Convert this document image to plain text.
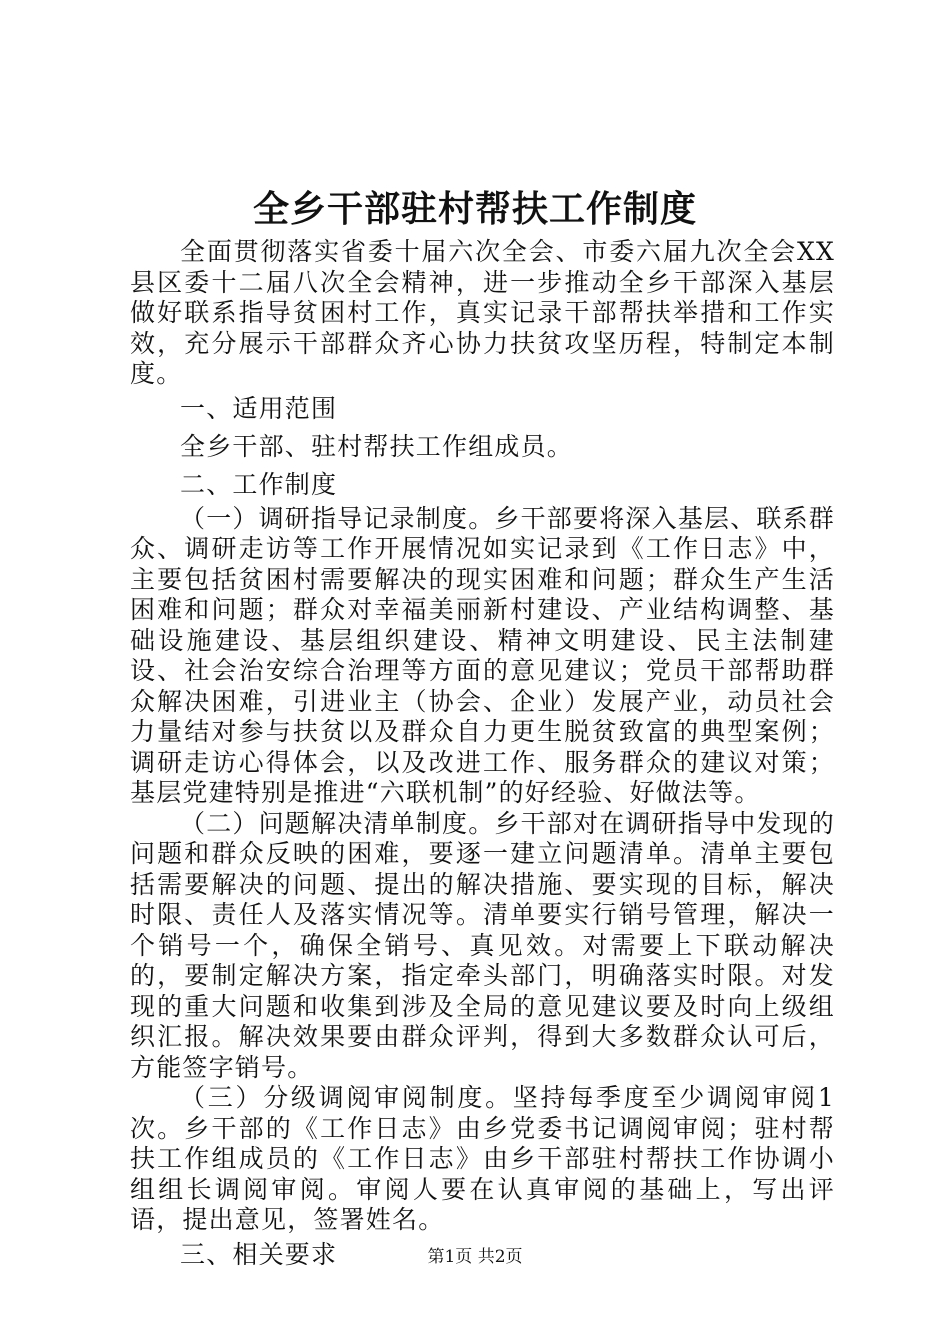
全乡干部驻村帮扶工作制度

全面贯彻落实省委十届六次全会、市委六届九次全会XX县区委十二届八次全会精神，进一步推动全乡干部深入基层做好联系指导贫困村工作，真实记录干部帮扶举措和工作实效，充分展示干部群众齐心协力扶贫攻坚历程，特制定本制度。

一、适用范围

全乡干部、驻村帮扶工作组成员。

二、工作制度

（一）调研指导记录制度。乡干部要将深入基层、联系群众、调研走访等工作开展情况如实记录到《工作日志》中，主要包括贫困村需要解决的现实困难和问题；群众生产生活困难和问题；群众对幸福美丽新村建设、产业结构调整、基础设施建设、基层组织建设、精神文明建设、民主法制建设、社会治安综合治理等方面的意见建议；党员干部帮助群众解决困难，引进业主（协会、企业）发展产业，动员社会力量结对参与扶贫以及群众自力更生脱贫致富的典型案例；调研走访心得体会，以及改进工作、服务群众的建议对策；基层党建特别是推进“六联机制”的好经验、好做法等。

（二）问题解决清单制度。乡干部对在调研指导中发现的问题和群众反映的困难，要逐一建立问题清单。清单主要包括需要解决的问题、提出的解决措施、要实现的目标，解决时限、责任人及落实情况等。清单要实行销号管理，解决一个销号一个，确保全销号、真见效。对需要上下联动解决的，要制定解决方案，指定牵头部门，明确落实时限。对发现的重大问题和收集到涉及全局的意见建议要及时向上级组织汇报。解决效果要由群众评判，得到大多数群众认可后，方能签字销号。

（三）分级调阅审阅制度。坚持每季度至少调阅审阅1次。乡干部的《工作日志》由乡党委书记调阅审阅；驻村帮扶工作组成员的《工作日志》由乡干部驻村帮扶工作协调小组组长调阅审阅。审阅人要在认真审阅的基础上，写出评语，提出意见，签署姓名。

三、相关要求	第1页 共2页
